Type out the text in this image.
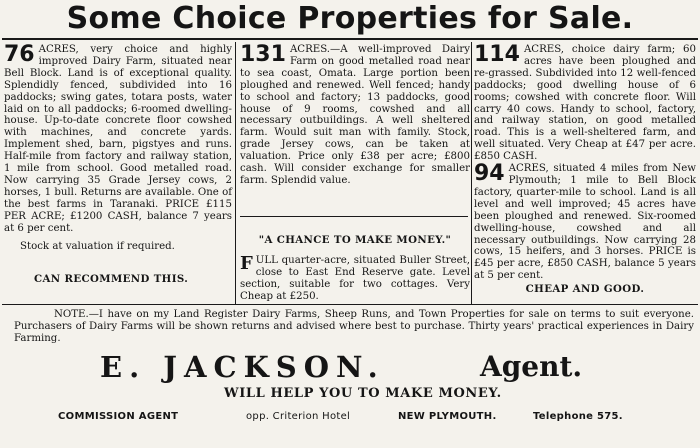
Some Choice Properties for Sale.

76 ACRES, very choice and highly improved Dairy Farm, situated near Bell Block. Land is of exceptional quality. Splendidly fenced, subdivided into 16 paddocks; swing gates, totara posts, water laid on to all paddocks; 6-roomed dwelling-house. Up-to-date concrete floor cowshed with machines, and concrete yards. Implement shed, barn, pigstyes and runs. Half-mile from factory and railway station, 1 mile from school. Good metalled road. Now carrying 35 Grade Jersey cows, 2 horses, 1 bull. Returns are available. One of the best farms in Taranaki. PRICE £115 PER ACRE; £1200 CASH, balance 7 years at 6 per cent.

Stock at valuation if required.
CAN RECOMMEND THIS.

131 ACRES.—A well-improved Dairy Farm on good metalled road near to sea coast, Omata. Large portion been ploughed and renewed. Well fenced; handy to school and factory; 13 paddocks, good house of 9 rooms, cowshed and all necessary outbuildings. A well sheltered farm. Would suit man with family. Stock, grade Jersey cows, can be taken at valuation. Price only £38 per acre; £800 cash. Will consider exchange for smaller farm. Splendid value.

"A CHANCE TO MAKE MONEY."

FULL quarter-acre, situated Buller Street, close to East End Reserve gate. Level section, suitable for two cottages. Very Cheap at £250.

114 ACRES, choice dairy farm; 60 acres have been ploughed and re-grassed. Subdivided into 12 well-fenced paddocks; good dwelling house of 6 rooms; cowshed with concrete floor. Will carry 40 cows. Handy to school, factory, and railway station, on good metalled road. This is a well-sheltered farm, and well situated. Very Cheap at £47 per acre. £850 CASH.

94 ACRES, situated 4 miles from New Plymouth; 1 mile to Bell Block factory, quarter-mile to school. Land is all level and well improved; 45 acres have been ploughed and renewed. Six-roomed dwelling-house, cowshed and all necessary outbuildings. Now carrying 28 cows, 15 heifers, and 3 horses. PRICE is £45 per acre, £850 CASH, balance 5 years at 5 per cent.

CHEAP AND GOOD.
NOTE.—I have on my Land Register Dairy Farms, Sheep Runs, and Town Properties for sale on terms to suit everyone. Purchasers of Dairy Farms will be shown returns and advised where best to purchase. Thirty years' practical experiences in Dairy Farming.
E. JACKSON.	Agent.
WILL HELP YOU TO MAKE MONEY.
COMMISSION AGENT	opp. Criterion Hotel	NEW PLYMOUTH.	Telephone 575.
